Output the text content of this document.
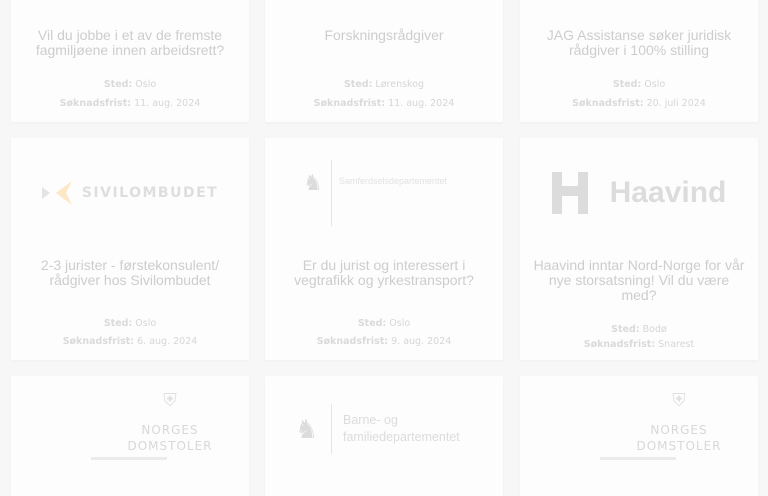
Vil du jobbe i et av de fremste fagmiljøene innen arbeidsrett?
Sted: Oslo
Søknadsfrist: 11. aug. 2024
Forskningsrådgiver
Sted: Lørenskog
Søknadsfrist: 11. aug. 2024
JAG Assistanse søker juridisk rådgiver i 100% stilling
Sted: Oslo
Søknadsfrist: 20. juli 2024
SIVILOMBUDET
2-3 jurister - førstekonsulent/ rådgiver hos Sivilombudet
Sted: Oslo
Søknadsfrist: 6. aug. 2024
♞ Samferdselsdepartementet
Er du jurist og interessert i vegtrafikk og yrkestransport?
Sted: Oslo
Søknadsfrist: 9. aug. 2024
Haavind
Haavind inntar Nord-Norge for vår nye storsatsning! Vil du være med?
Sted: Bodø
Søknadsfrist: Snarest
⛨
NORGES
DOMSTOLER
♞ Barne- og
familiedepartementet
⛨
NORGES
DOMSTOLER
